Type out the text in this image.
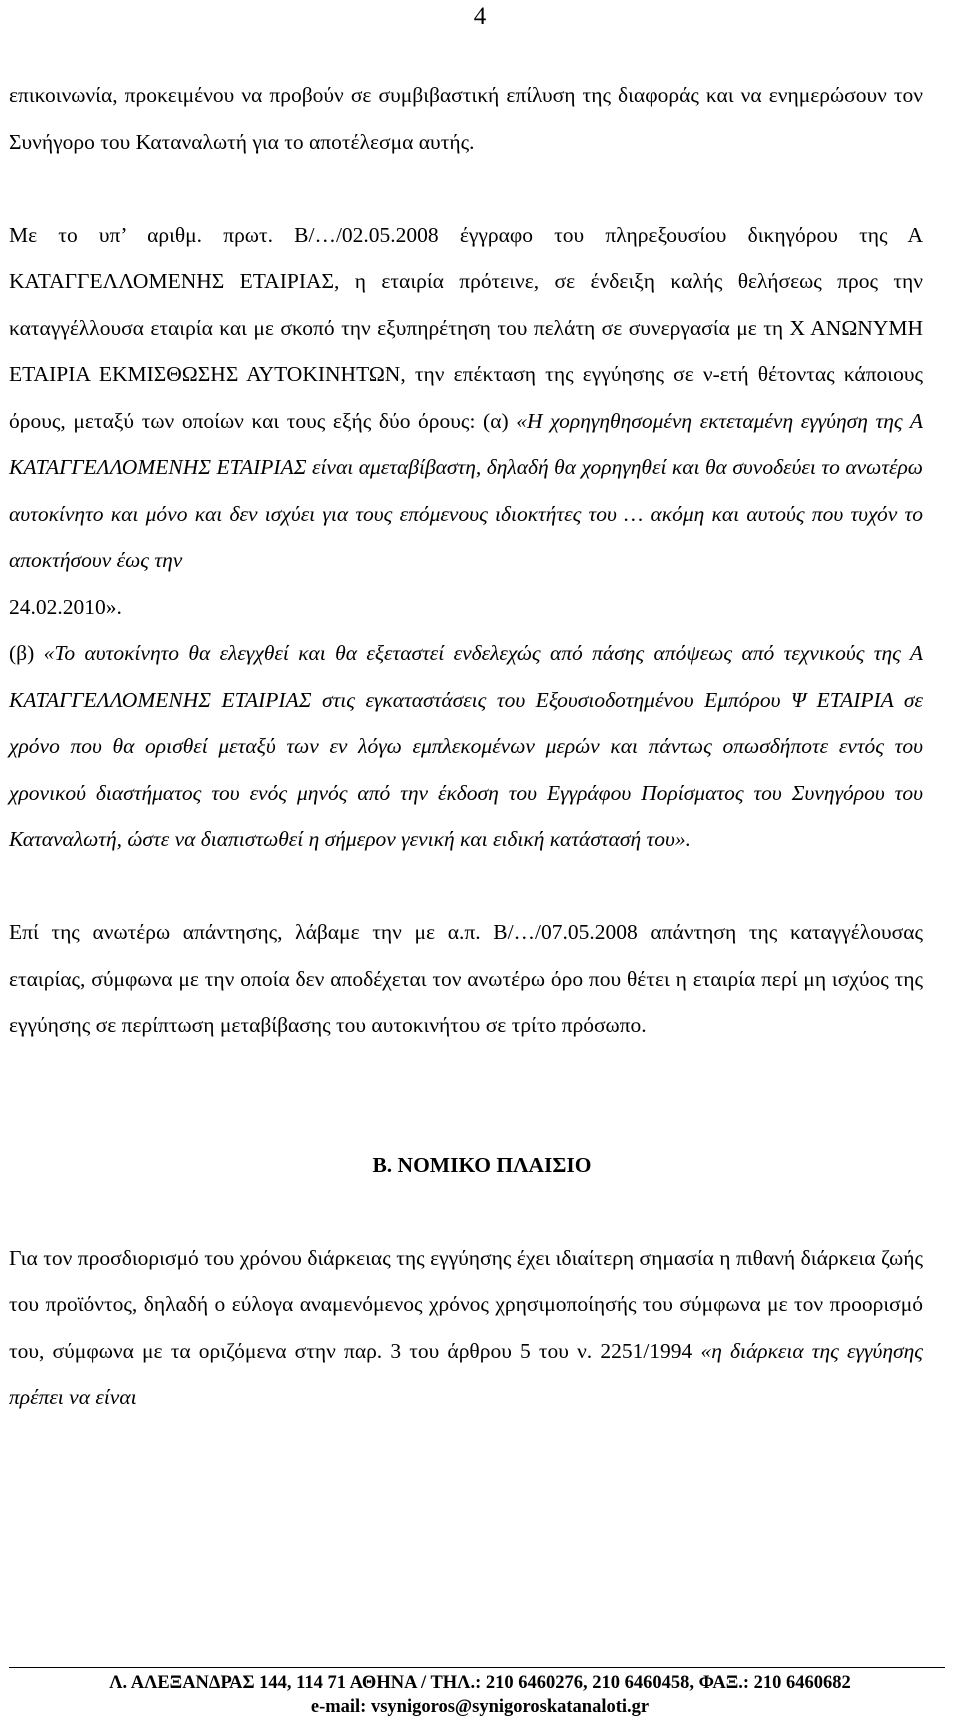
4

επικοινωνία, προκειμένου να προβούν σε συμβιβαστική επίλυση της διαφοράς και να ενημερώσουν τον Συνήγορο του Καταναλωτή για το αποτέλεσμα αυτής.

Με το υπ’ αριθμ. πρωτ. Β/…/02.05.2008 έγγραφο του πληρεξουσίου δικηγόρου της Α ΚΑΤΑΓΓΕΛΛΟΜΕΝΗΣ ΕΤΑΙΡΙΑΣ, η εταιρία πρότεινε, σε ένδειξη καλής θελήσεως προς την καταγγέλλουσα εταιρία και με σκοπό την εξυπηρέτηση του πελάτη σε συνεργασία με τη Χ ΑΝΩΝΥΜΗ ΕΤΑΙΡΙΑ ΕΚΜΙΣΘΩΣΗΣ ΑΥΤΟΚΙΝΗΤΩΝ, την επέκταση της εγγύησης σε ν-ετή θέτοντας κάποιους όρους, μεταξύ των οποίων και τους εξής δύο όρους: (α) «Η χορηγηθησομένη εκτεταμένη εγγύηση της Α ΚΑΤΑΓΓΕΛΛΟΜΕΝΗΣ ΕΤΑΙΡΙΑΣ είναι αμεταβίβαστη, δηλαδή θα χορηγηθεί και θα συνοδεύει το ανωτέρω αυτοκίνητο και μόνο και δεν ισχύει για τους επόμενους ιδιοκτήτες του … ακόμη και αυτούς που τυχόν το αποκτήσουν έως την
24.02.2010».

(β) «Το αυτοκίνητο θα ελεγχθεί και θα εξεταστεί ενδελεχώς από πάσης απόψεως από τεχνικούς της Α ΚΑΤΑΓΓΕΛΛΟΜΕΝΗΣ ΕΤΑΙΡΙΑΣ στις εγκαταστάσεις του Εξουσιοδοτημένου Εμπόρου Ψ ΕΤΑΙΡΙΑ σε χρόνο που θα ορισθεί μεταξύ των εν λόγω εμπλεκομένων μερών και πάντως οπωσδήποτε εντός του χρονικού διαστήματος του ενός μηνός από την έκδοση του Εγγράφου Πορίσματος του Συνηγόρου του Καταναλωτή, ώστε να διαπιστωθεί η σήμερον γενική και ειδική κατάστασή του».

Επί της ανωτέρω απάντησης, λάβαμε την με α.π. Β/…/07.05.2008 απάντηση της καταγγέλουσας εταιρίας, σύμφωνα με την οποία δεν αποδέχεται τον ανωτέρω όρο που θέτει η εταιρία περί μη ισχύος της εγγύησης σε περίπτωση μεταβίβασης του αυτοκινήτου σε τρίτο πρόσωπο.

Β. ΝΟΜΙΚΟ ΠΛΑΙΣΙΟ

Για τον προσδιορισμό του χρόνου διάρκειας της εγγύησης έχει ιδιαίτερη σημασία η πιθανή διάρκεια ζωής του προϊόντος, δηλαδή ο εύλογα αναμενόμενος χρόνος χρησιμοποίησής του σύμφωνα με τον προορισμό του, σύμφωνα με τα οριζόμενα στην παρ. 3 του άρθρου 5 του ν. 2251/1994 «η διάρκεια της εγγύησης πρέπει να είναι

Λ. ΑΛΕΞΑΝΔΡΑΣ 144, 114 71 ΑΘΗΝΑ / ΤΗΛ.: 210 6460276, 210 6460458, ΦΑΞ.: 210 6460682
e-mail: vsynigoros@synigoroskatanaloti.gr
